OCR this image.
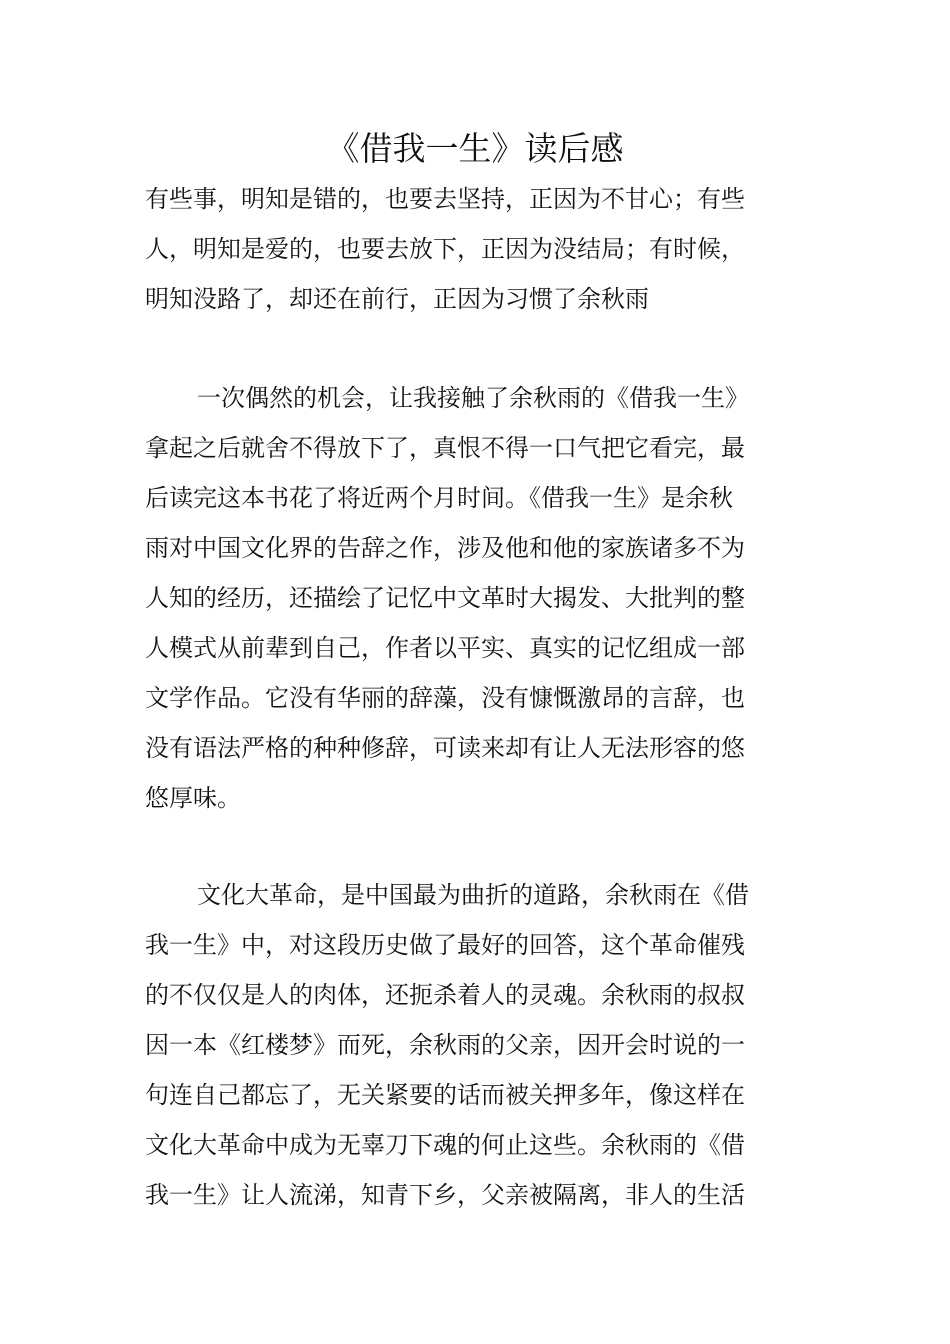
《借我一生》读后感
有些事，明知是错的，也要去坚持，正因为不甘心；有些
人，明知是爱的，也要去放下，正因为没结局；有时候，
明知没路了，却还在前行，正因为习惯了余秋雨
一次偶然的机会，让我接触了余秋雨的《借我一生》
拿起之后就舍不得放下了，真恨不得一口气把它看完，最
后读完这本书花了将近两个月时间。《借我一生》是余秋
雨对中国文化界的告辞之作，涉及他和他的家族诸多不为
人知的经历，还描绘了记忆中文革时大揭发、大批判的整
人模式从前辈到自己，作者以平实、真实的记忆组成一部
文学作品。它没有华丽的辞藻，没有慷慨激昂的言辞，也
没有语法严格的种种修辞，可读来却有让人无法形容的悠
悠厚味。
文化大革命，是中国最为曲折的道路，余秋雨在《借
我一生》中，对这段历史做了最好的回答，这个革命催残
的不仅仅是人的肉体，还扼杀着人的灵魂。余秋雨的叔叔
因一本《红楼梦》而死，余秋雨的父亲，因开会时说的一
句连自己都忘了，无关紧要的话而被关押多年，像这样在
文化大革命中成为无辜刀下魂的何止这些。余秋雨的《借
我一生》让人流涕，知青下乡，父亲被隔离，非人的生活
